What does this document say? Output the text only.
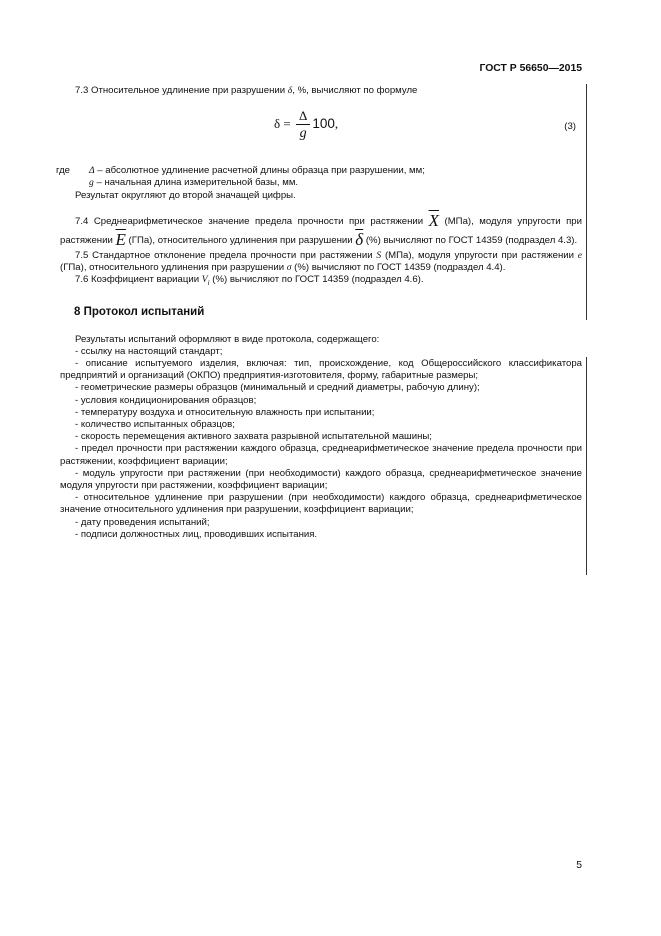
ГОСТ Р 56650—2015

7.3 Относительное удлинение при разрушении δ, %, вычисляют по формуле

$\delta = \frac{\Delta}{g} 100$,	(3)
где Δ – абсолютное удлинение расчетной длины образца при разрушении, мм;
g – начальная длина измерительной базы, мм.

Результат округляют до второй значащей цифры.

7.4 Среднеарифметическое значение предела прочности при растяжении $\overline{X}$ (МПа), модуля упругости при растяжении $\overline{E}$ (ГПа), относительного удлинения при разрушении $\overline{\delta}$ (%) вычисляют по ГОСТ 14359 (подраздел 4.3).

7.5 Стандартное отклонение предела прочности при растяжении S (МПа), модуля упругости при растяжении e (ГПа), относительного удлинения при разрушении σ (%) вычисляют по ГОСТ 14359 (подраздел 4.4).

7.6 Коэффициент вариации $V_i$ (%) вычисляют по ГОСТ 14359 (подраздел 4.6).

8 Протокол испытаний

Результаты испытаний оформляют в виде протокола, содержащего:

- ссылку на настоящий стандарт;

- описание испытуемого изделия, включая: тип, происхождение, код Общероссийского классификатора предприятий и организаций (ОКПО) предприятия-изготовителя, форму, габаритные размеры;

- геометрические размеры образцов (минимальный и средний диаметры, рабочую длину);

- условия кондиционирования образцов;

- температуру воздуха и относительную влажность при испытании;

- количество испытанных образцов;

- скорость перемещения активного захвата разрывной испытательной машины;

- предел прочности при растяжении каждого образца, среднеарифметическое значение предела прочности при растяжении, коэффициент вариации;

- модуль упругости при растяжении (при необходимости) каждого образца, среднеарифметическое значение модуля упругости при растяжении, коэффициент вариации;

- относительное удлинение при разрушении (при необходимости) каждого образца, среднеарифметическое значение относительного удлинения при разрушении, коэффициент вариации;

- дату проведения испытаний;

- подписи должностных лиц, проводивших испытания.

5
